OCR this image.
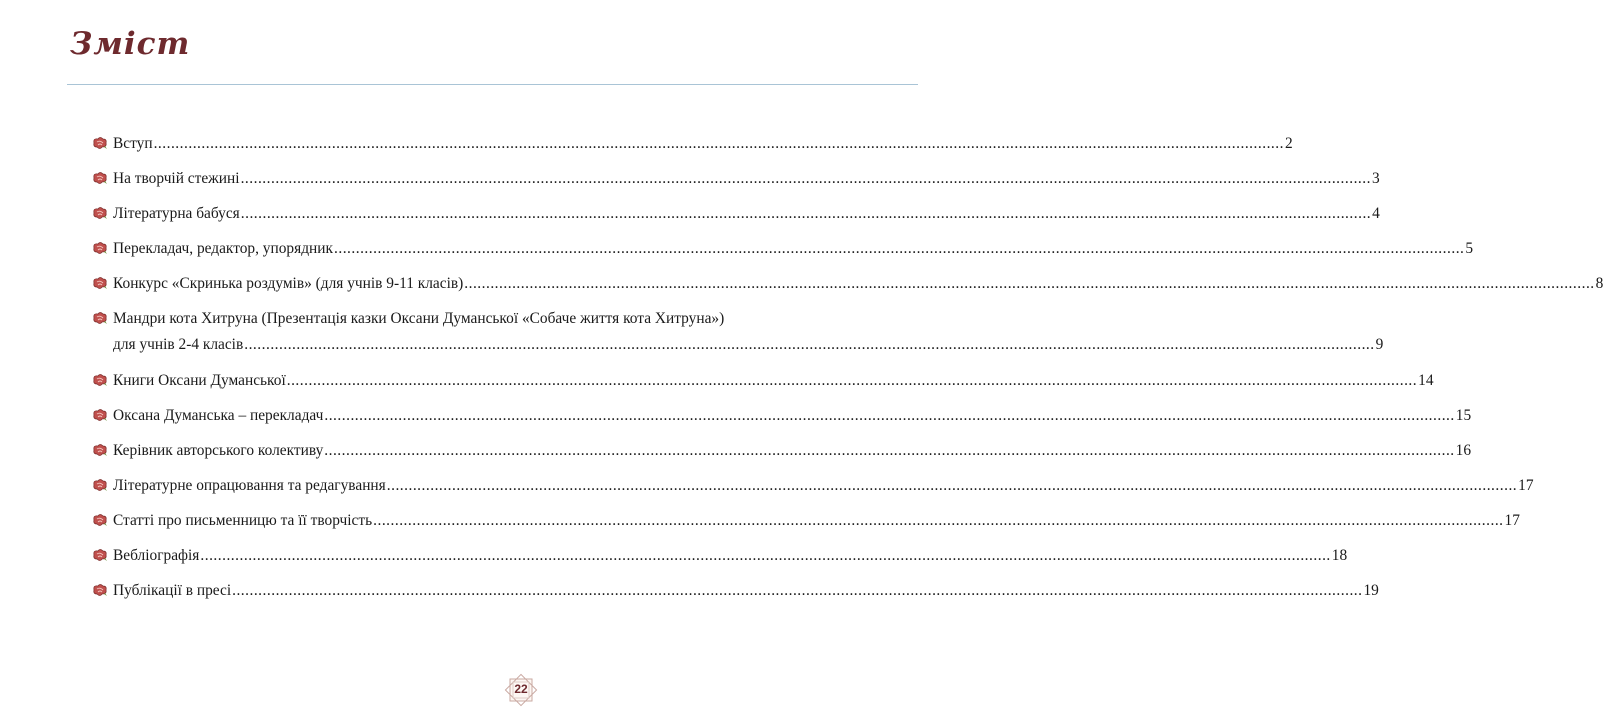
Зміст
Вступ .....	2
На творчій стежині .....	3
Літературна бабуся .....	4
Перекладач, редактор, упорядник .....	5
Конкурс «Скринька роздумів» (для учнів 9-11 класів) .....	8
Мандри кота Хитруна (Презентація казки Оксани Думанської «Собаче життя кота Хитруна»)
для учнів 2-4 класів .....	9
Книги Оксани Думанської .....	14
Оксана Думанська – перекладач .....	15
Керівник авторського колективу .....	16
Літературне опрацювання та редагування .....	17
Статті про письменницю та її творчість .....	17
Вебліографія .....	18
Публікації в пресі .....	19
22
